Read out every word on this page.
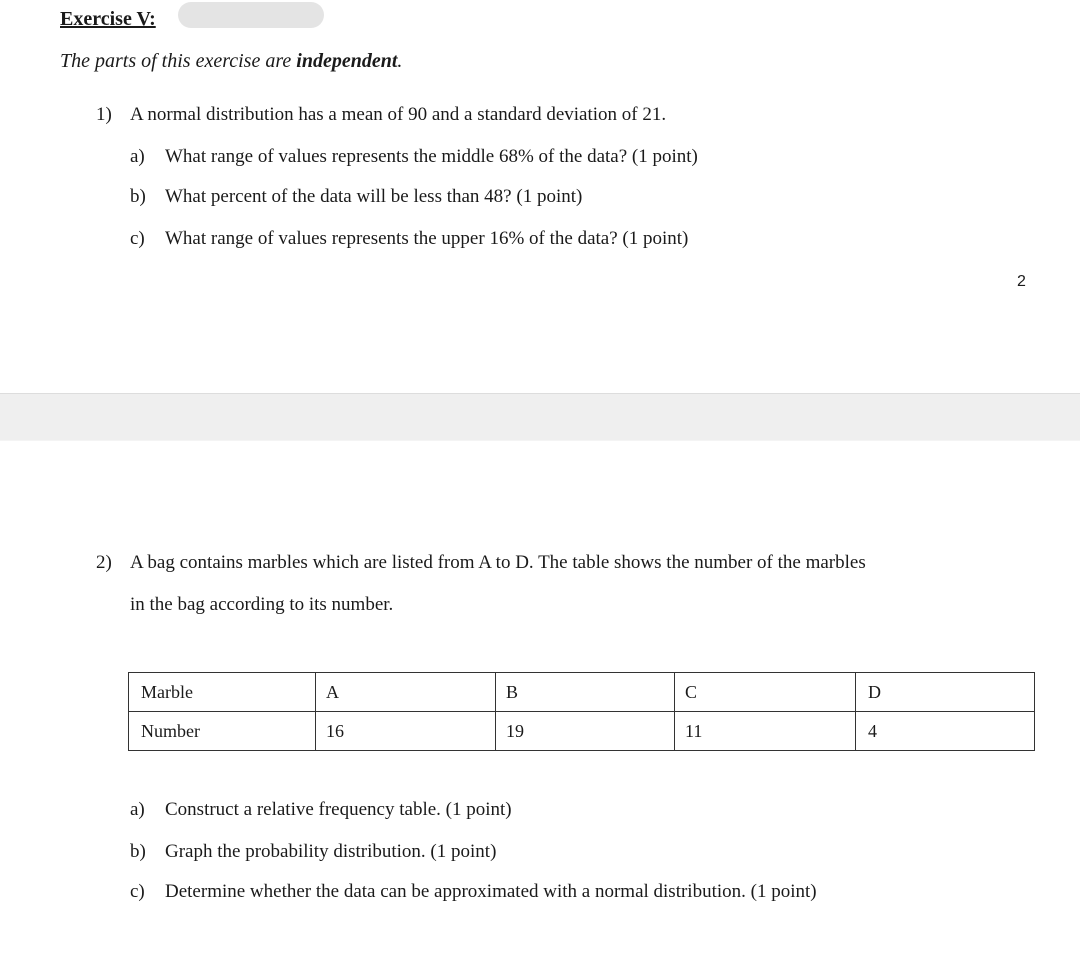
Exercise V:
The parts of this exercise are independent.
1) A normal distribution has a mean of 90 and a standard deviation of 21.
a) What range of values represents the middle 68% of the data? (1 point)
b) What percent of the data will be less than 48? (1 point)
c) What range of values represents the upper 16% of the data? (1 point)
2
2) A bag contains marbles which are listed from A to D. The table shows the number of the marbles
in the bag according to its number.
Marble	A	B	C	D
Number	16	19	11	4
a) Construct a relative frequency table. (1 point)
b) Graph the probability distribution. (1 point)
c) Determine whether the data can be approximated with a normal distribution. (1 point)
